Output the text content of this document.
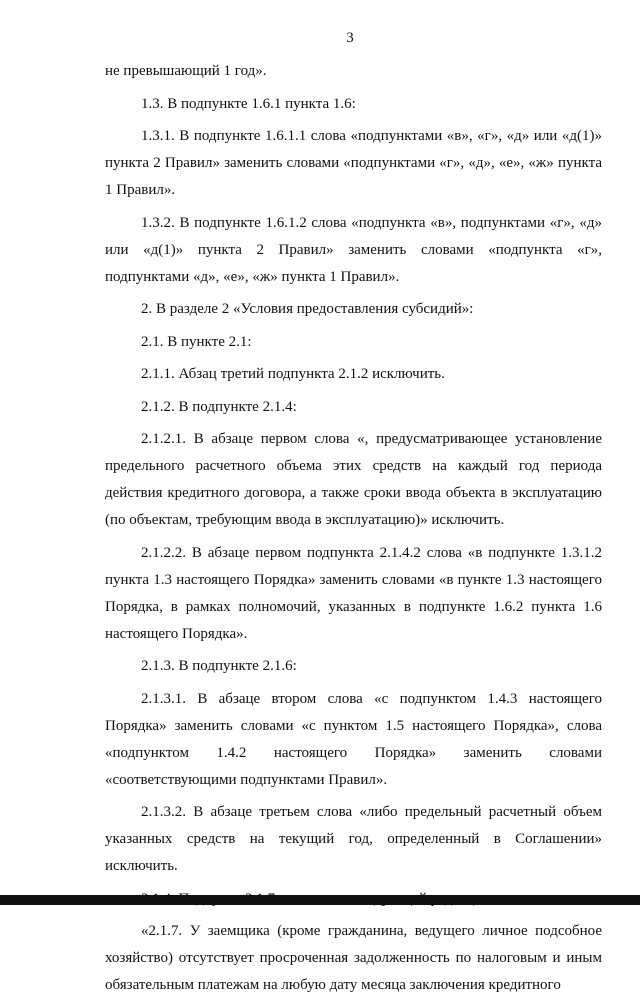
3

не превышающий 1 год».

1.3. В подпункте 1.6.1 пункта 1.6:

1.3.1. В подпункте 1.6.1.1 слова «подпунктами «в», «г», «д» или «д(1)» пункта 2 Правил» заменить словами «подпунктами «г», «д», «е», «ж» пункта 1 Правил».

1.3.2. В подпункте 1.6.1.2 слова «подпункта «в», подпунктами «г», «д» или «д(1)» пункта 2 Правил» заменить словами «подпункта «г», подпунктами «д», «е», «ж» пункта 1 Правил».

2. В разделе 2 «Условия предоставления субсидий»:

2.1. В пункте 2.1:

2.1.1. Абзац третий подпункта 2.1.2 исключить.

2.1.2. В подпункте 2.1.4:

2.1.2.1. В абзаце первом слова «, предусматривающее установление предельного расчетного объема этих средств на каждый год периода действия кредитного договора, а также сроки ввода объекта в эксплуатацию (по объектам, требующим ввода в эксплуатацию)» исключить.

2.1.2.2. В абзаце первом подпункта 2.1.4.2 слова «в подпункте 1.3.1.2 пункта 1.3 настоящего Порядка» заменить словами «в пункте 1.3 настоящего Порядка, в рамках полномочий, указанных в подпункте 1.6.2 пункта 1.6 настоящего Порядка».

2.1.3. В подпункте 2.1.6:

2.1.3.1. В абзаце втором слова «с подпунктом 1.4.3 настоящего Порядка» заменить словами «с пунктом 1.5 настоящего Порядка», слова «подпунктом 1.4.2 настоящего Порядка» заменить словами «соответствующими подпунктами Правил».

2.1.3.2. В абзаце третьем слова «либо предельный расчетный объем указанных средств на текущий год, определенный в Соглашении» исключить.

«2.1.7. У заемщика (кроме гражданина, ведущего личное подсобное хозяйство) отсутствует просроченная задолженность по налоговым и иным обязательным платежам на любую дату месяца заключения кредитного
